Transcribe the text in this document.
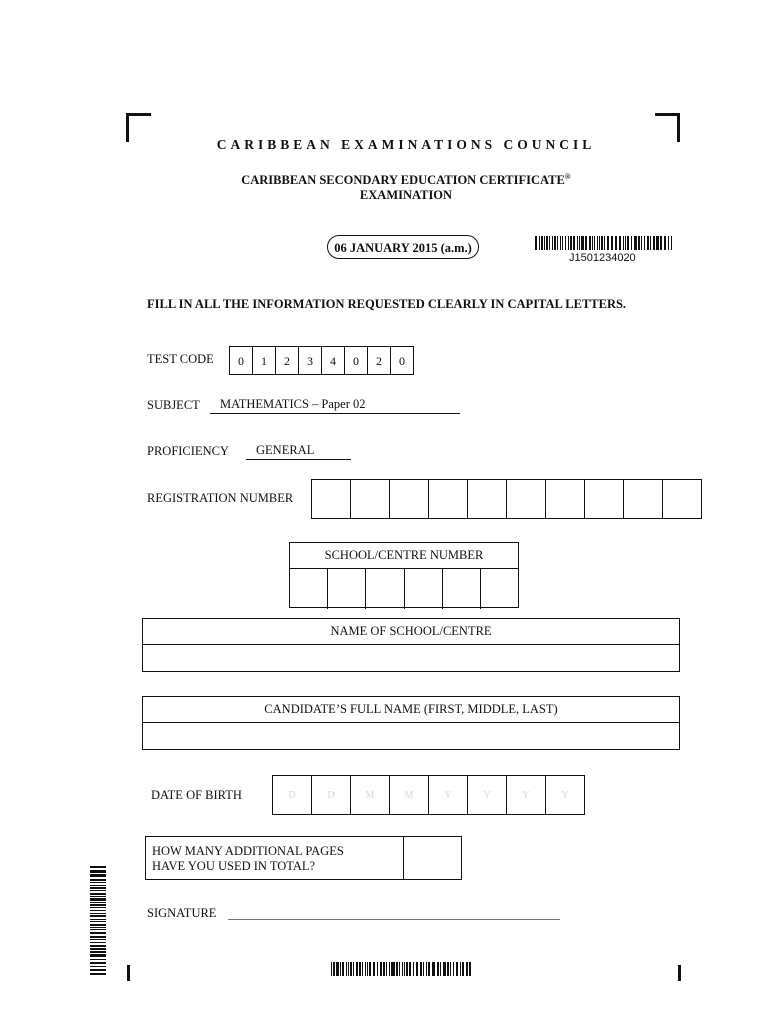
CARIBBEAN EXAMINATIONS COUNCIL
CARIBBEAN SECONDARY EDUCATION CERTIFICATE®
EXAMINATION
06 JANUARY 2015 (a.m.)
J1501234020
FILL IN ALL THE INFORMATION REQUESTED CLEARLY IN CAPITAL LETTERS.
TEST CODE	0	1	2	3	4	0	2	0
SUBJECT	MATHEMATICS – Paper 02
PROFICIENCY	GENERAL
REGISTRATION NUMBER
SCHOOL/CENTRE NUMBER
NAME OF SCHOOL/CENTRE
CANDIDATE’S FULL NAME (FIRST, MIDDLE, LAST)
DATE OF BIRTH	D	D	M	M	Y	Y	Y	Y
HOW MANY ADDITIONAL PAGES
HAVE YOU USED IN TOTAL?
SIGNATURE
